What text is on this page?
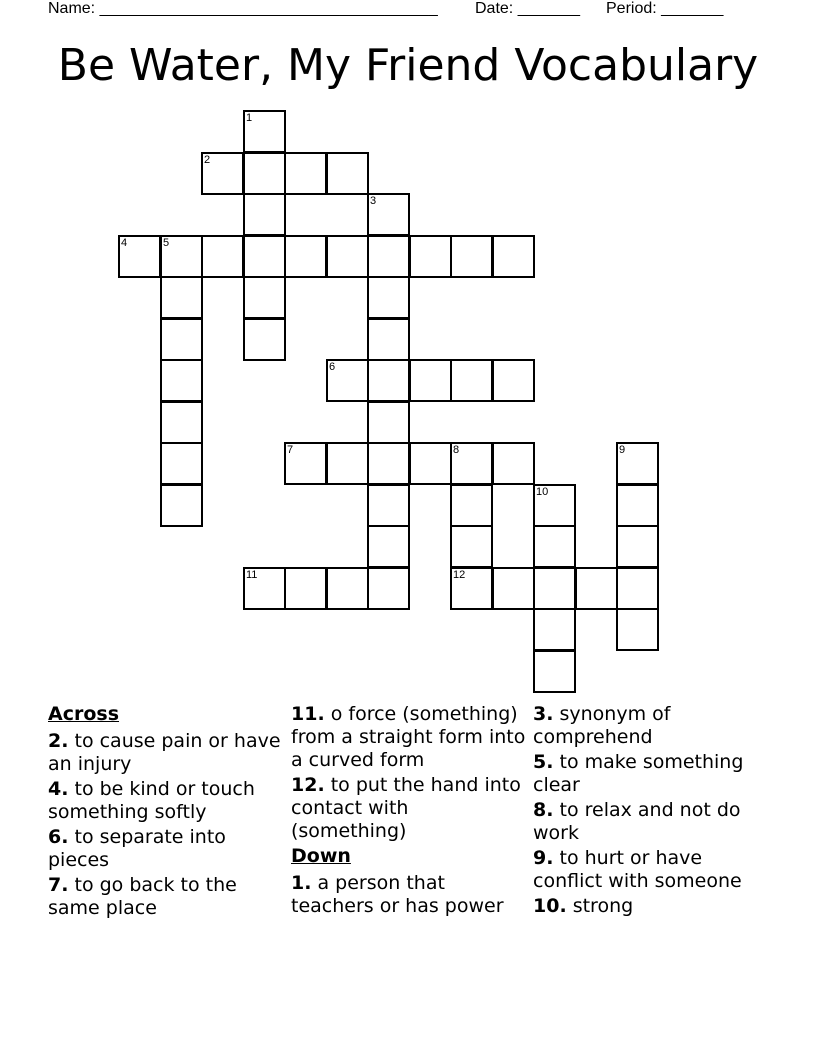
Name: ______________________________________ Date: _______ Period: _______
Be Water, My Friend Vocabulary
1
2
3
4	5
6
7	8	9
10
11	12
Across
2. to cause pain or have an injury
4. to be kind or touch something softly
6. to separate into pieces
7. to go back to the same place
11. o force (something) from a straight form into a curved form
12. to put the hand into contact with (something)
Down
1. a person that teachers or has power
3. synonym of comprehend
5. to make something clear
8. to relax and not do work
9. to hurt or have conflict with someone
10. strong
